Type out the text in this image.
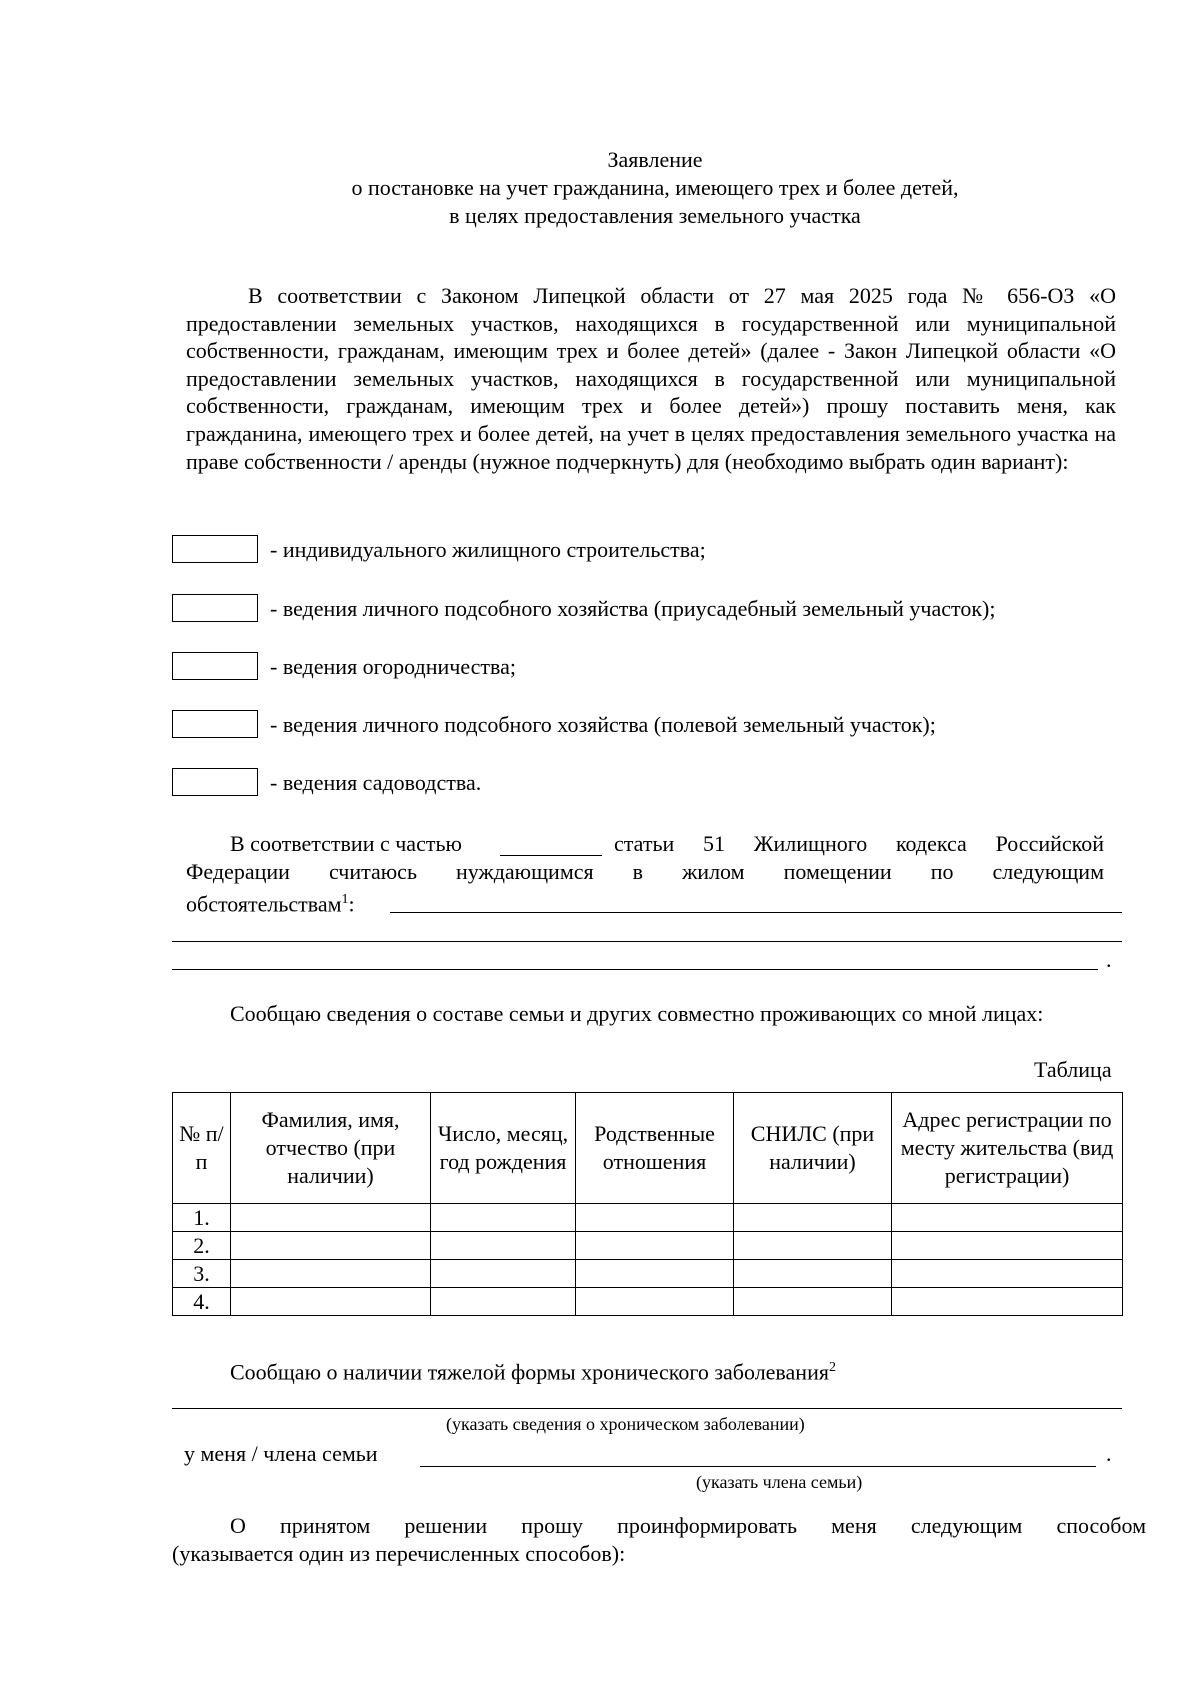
Заявление
о постановке на учет гражданина, имеющего трех и более детей,
в целях предоставления земельного участка
В соответствии с Законом Липецкой области от 27 мая 2025 года № 656-ОЗ «О предоставлении земельных участков, находящихся в государственной или муниципальной собственности, гражданам, имеющим трех и более детей» (далее - Закон Липецкой области «О предоставлении земельных участков, находящихся в государственной или муниципальной собственности, гражданам, имеющим трех и более детей») прошу поставить меня, как гражданина, имеющего трех и более детей, на учет в целях предоставления земельного участка на праве собственности / аренды (нужное подчеркнуть) для (необходимо выбрать один вариант):
- индивидуального жилищного строительства;
- ведения личного подсобного хозяйства (приусадебный земельный участок);
- ведения огородничества;
- ведения личного подсобного хозяйства (полевой земельный участок);
- ведения садоводства.
В соответствии с частью	статьи 51 Жилищного кодекса Российской
Федерации считаюсь нуждающимся в жилом помещении по следующим
обстоятельствам$^1$:
.
Сообщаю сведения о составе семьи и других совместно проживающих со мной лицах:
Таблица
№ п/п	Фамилия, имя, отчество (при наличии)	Число, месяц, год рождения	Родственные отношения	СНИЛС (при наличии)	Адрес регистрации по месту жительства (вид регистрации)
1.					
2.					
3.					
4.					
Сообщаю о наличии тяжелой формы хронического заболевания$^2$
(указать сведения о хроническом заболевании)
у меня / члена семьи	.
(указать члена семьи)
О принятом решении прошу проинформировать меня следующим способом
(указывается один из перечисленных способов):
